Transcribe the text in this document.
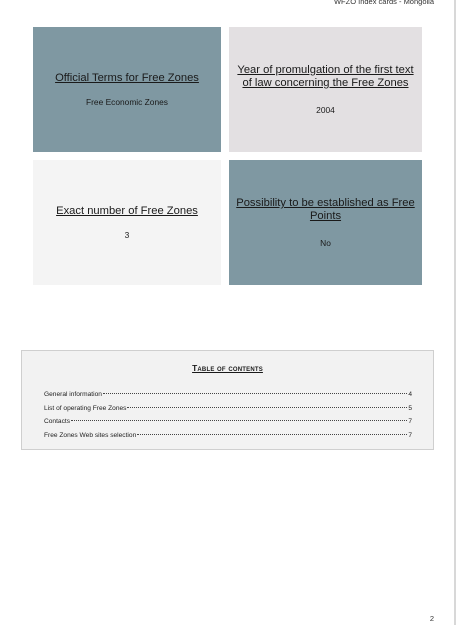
WFZO Index cards - Mongolia
Official Terms for Free Zones
Free Economic Zones
Year of promulgation of the first text of law concerning the Free Zones
2004
Exact number of Free Zones
3
Possibility to be established as Free Points
No
Table of contents
General information	4
List of operating Free Zones	5
Contacts	7
Free Zones Web sites selection	7
2
